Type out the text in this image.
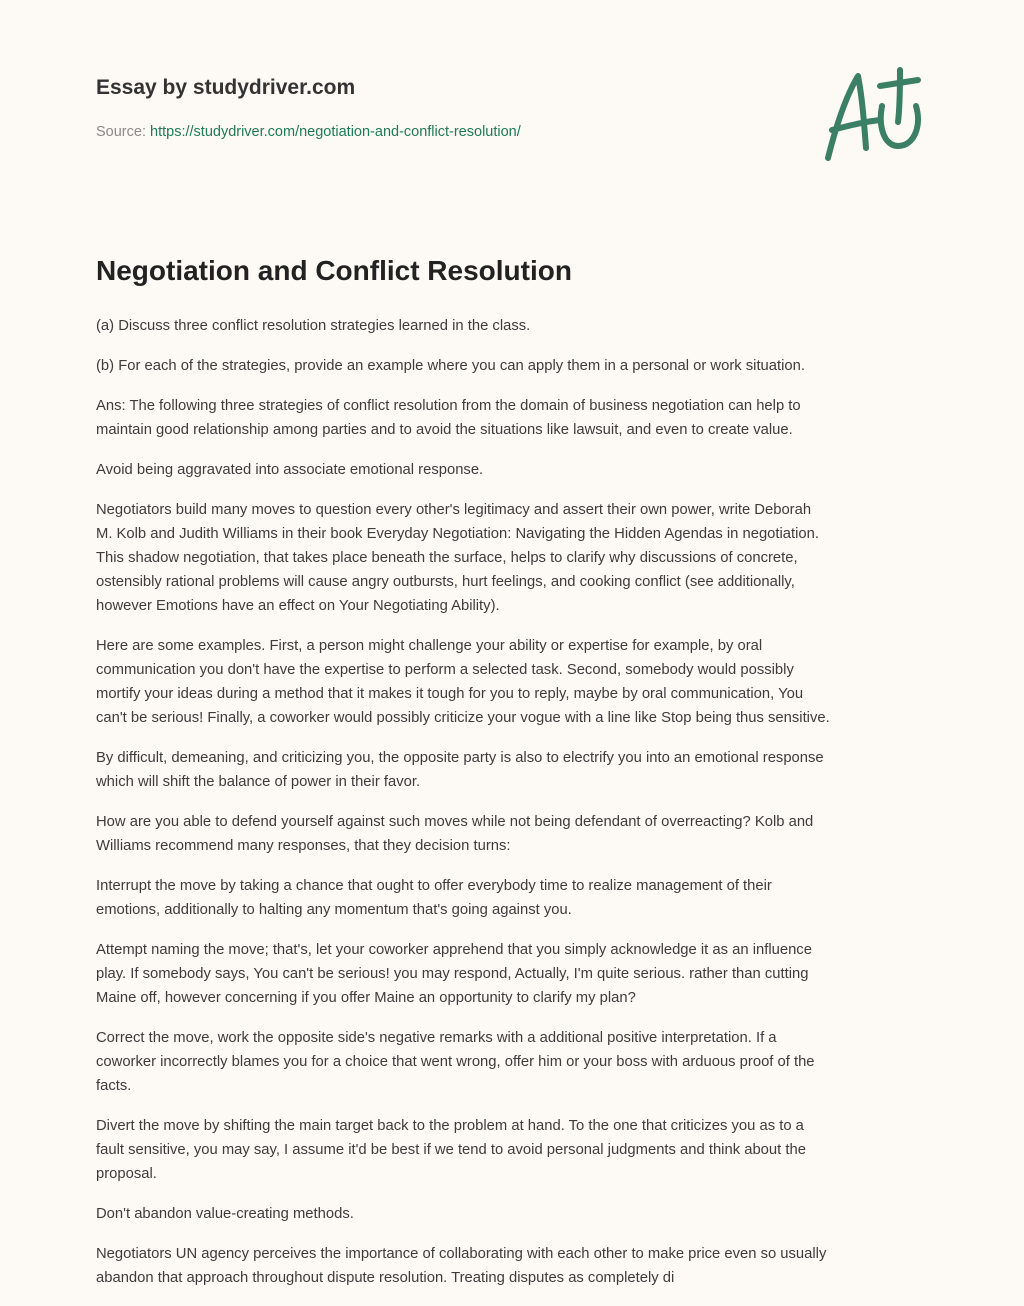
Essay by studydriver.com
Source: https://studydriver.com/negotiation-and-conflict-resolution/
Negotiation and Conflict Resolution

(a) Discuss three conflict resolution strategies learned in the class.

(b) For each of the strategies, provide an example where you can apply them in a personal or work situation.

Ans: The following three strategies of conflict resolution from the domain of business negotiation can help to
maintain good relationship among parties and to avoid the situations like lawsuit, and even to create value.

Avoid being aggravated into associate emotional response.

Negotiators build many moves to question every other's legitimacy and assert their own power, write Deborah
M. Kolb and Judith Williams in their book Everyday Negotiation: Navigating the Hidden Agendas in negotiation.
This shadow negotiation, that takes place beneath the surface, helps to clarify why discussions of concrete,
ostensibly rational problems will cause angry outbursts, hurt feelings, and cooking conflict (see additionally,
however Emotions have an effect on Your Negotiating Ability).

Here are some examples. First, a person might challenge your ability or expertise for example, by oral
communication you don't have the expertise to perform a selected task. Second, somebody would possibly
mortify your ideas during a method that it makes it tough for you to reply, maybe by oral communication, You
can't be serious! Finally, a coworker would possibly criticize your vogue with a line like Stop being thus sensitive.

By difficult, demeaning, and criticizing you, the opposite party is also to electrify you into an emotional response
which will shift the balance of power in their favor.

How are you able to defend yourself against such moves while not being defendant of overreacting? Kolb and
Williams recommend many responses, that they decision turns:

Interrupt the move by taking a chance that ought to offer everybody time to realize management of their
emotions, additionally to halting any momentum that's going against you.

Attempt naming the move; that's, let your coworker apprehend that you simply acknowledge it as an influence
play. If somebody says, You can't be serious! you may respond, Actually, I'm quite serious. rather than cutting
Maine off, however concerning if you offer Maine an opportunity to clarify my plan?

Correct the move, work the opposite side's negative remarks with a additional positive interpretation. If a
coworker incorrectly blames you for a choice that went wrong, offer him or your boss with arduous proof of the
facts.

Divert the move by shifting the main target back to the problem at hand. To the one that criticizes you as to a
fault sensitive, you may say, I assume it'd be best if we tend to avoid personal judgments and think about the
proposal.

Don't abandon value-creating methods.

Negotiators UN agency perceives the importance of collaborating with each other to make price even so usually
abandon that approach throughout dispute resolution. Treating disputes as completely di
